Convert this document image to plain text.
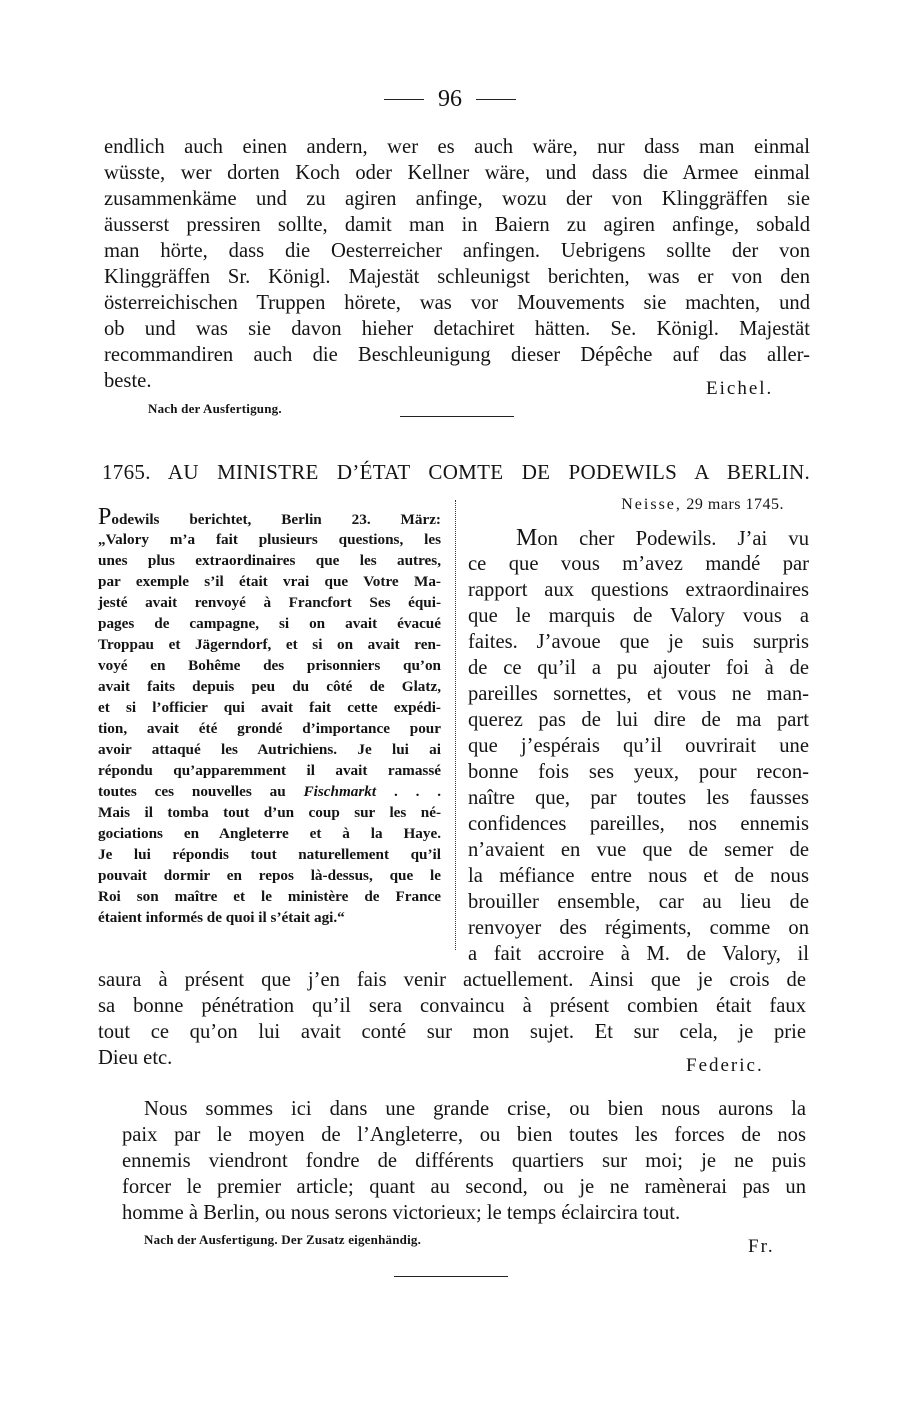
96
endlich auch einen andern, wer es auch wäre, nur dass man einmal
wüsste, wer dorten Koch oder Kellner wäre, und dass die Armee einmal
zusammenkäme und zu agiren anfinge, wozu der von Klinggräffen sie
äusserst pressiren sollte, damit man in Baiern zu agiren anfinge, sobald
man hörte, dass die Oesterreicher anfingen. Uebrigens sollte der von
Klinggräffen Sr. Königl. Majestät schleunigst berichten, was er von den
österreichischen Truppen hörete, was vor Mouvements sie machten, und
ob und was sie davon hieher detachiret hätten. Se. Königl. Majestät
recommandiren auch die Beschleunigung dieser Dépêche auf das aller-
beste.	Eichel.
Nach der Ausfertigung.
1765. AU MINISTRE D’ÉTAT COMTE DE PODEWILS A BERLIN.
Podewils berichtet, Berlin 23. März:
„Valory m’a fait plusieurs questions, les
unes plus extraordinaires que les autres,
par exemple s’il était vrai que Votre Ma-
jesté avait renvoyé à Francfort Ses équi-
pages de campagne, si on avait évacué
Troppau et Jägerndorf, et si on avait ren-
voyé en Bohême des prisonniers qu’on
avait faits depuis peu du côté de Glatz,
et si l’officier qui avait fait cette expédi-
tion, avait été grondé d’importance pour
avoir attaqué les Autrichiens. Je lui ai
répondu qu’apparemment il avait ramassé
toutes ces nouvelles au Fischmarkt . . .
Mais il tomba tout d’un coup sur les né-
gociations en Angleterre et à la Haye.
Je lui répondis tout naturellement qu’il
pouvait dormir en repos là-dessus, que le
Roi son maître et le ministère de France
étaient informés de quoi il s’était agi.“
Neisse, 29 mars 1745.
Mon cher Podewils. J’ai vu
ce que vous m’avez mandé par
rapport aux questions extraordinaires
que le marquis de Valory vous a
faites. J’avoue que je suis surpris
de ce qu’il a pu ajouter foi à de
pareilles sornettes, et vous ne man-
querez pas de lui dire de ma part
que j’espérais qu’il ouvrirait une
bonne fois ses yeux, pour recon-
naître que, par toutes les fausses
confidences pareilles, nos ennemis
n’avaient en vue que de semer de
la méfiance entre nous et de nous
brouiller ensemble, car au lieu de
renvoyer des régiments, comme on
a fait accroire à M. de Valory, il
saura à présent que j’en fais venir actuellement. Ainsi que je crois de
sa bonne pénétration qu’il sera convaincu à présent combien était faux
tout ce qu’on lui avait conté sur mon sujet. Et sur cela, je prie
Dieu etc.	Federic.
Nous sommes ici dans une grande crise, ou bien nous aurons la
paix par le moyen de l’Angleterre, ou bien toutes les forces de nos
ennemis viendront fondre de différents quartiers sur moi; je ne puis
forcer le premier article; quant au second, ou je ne ramènerai pas un
homme à Berlin, ou nous serons victorieux; le temps éclaircira tout.
Nach der Ausfertigung. Der Zusatz eigenhändig.	Fr.
